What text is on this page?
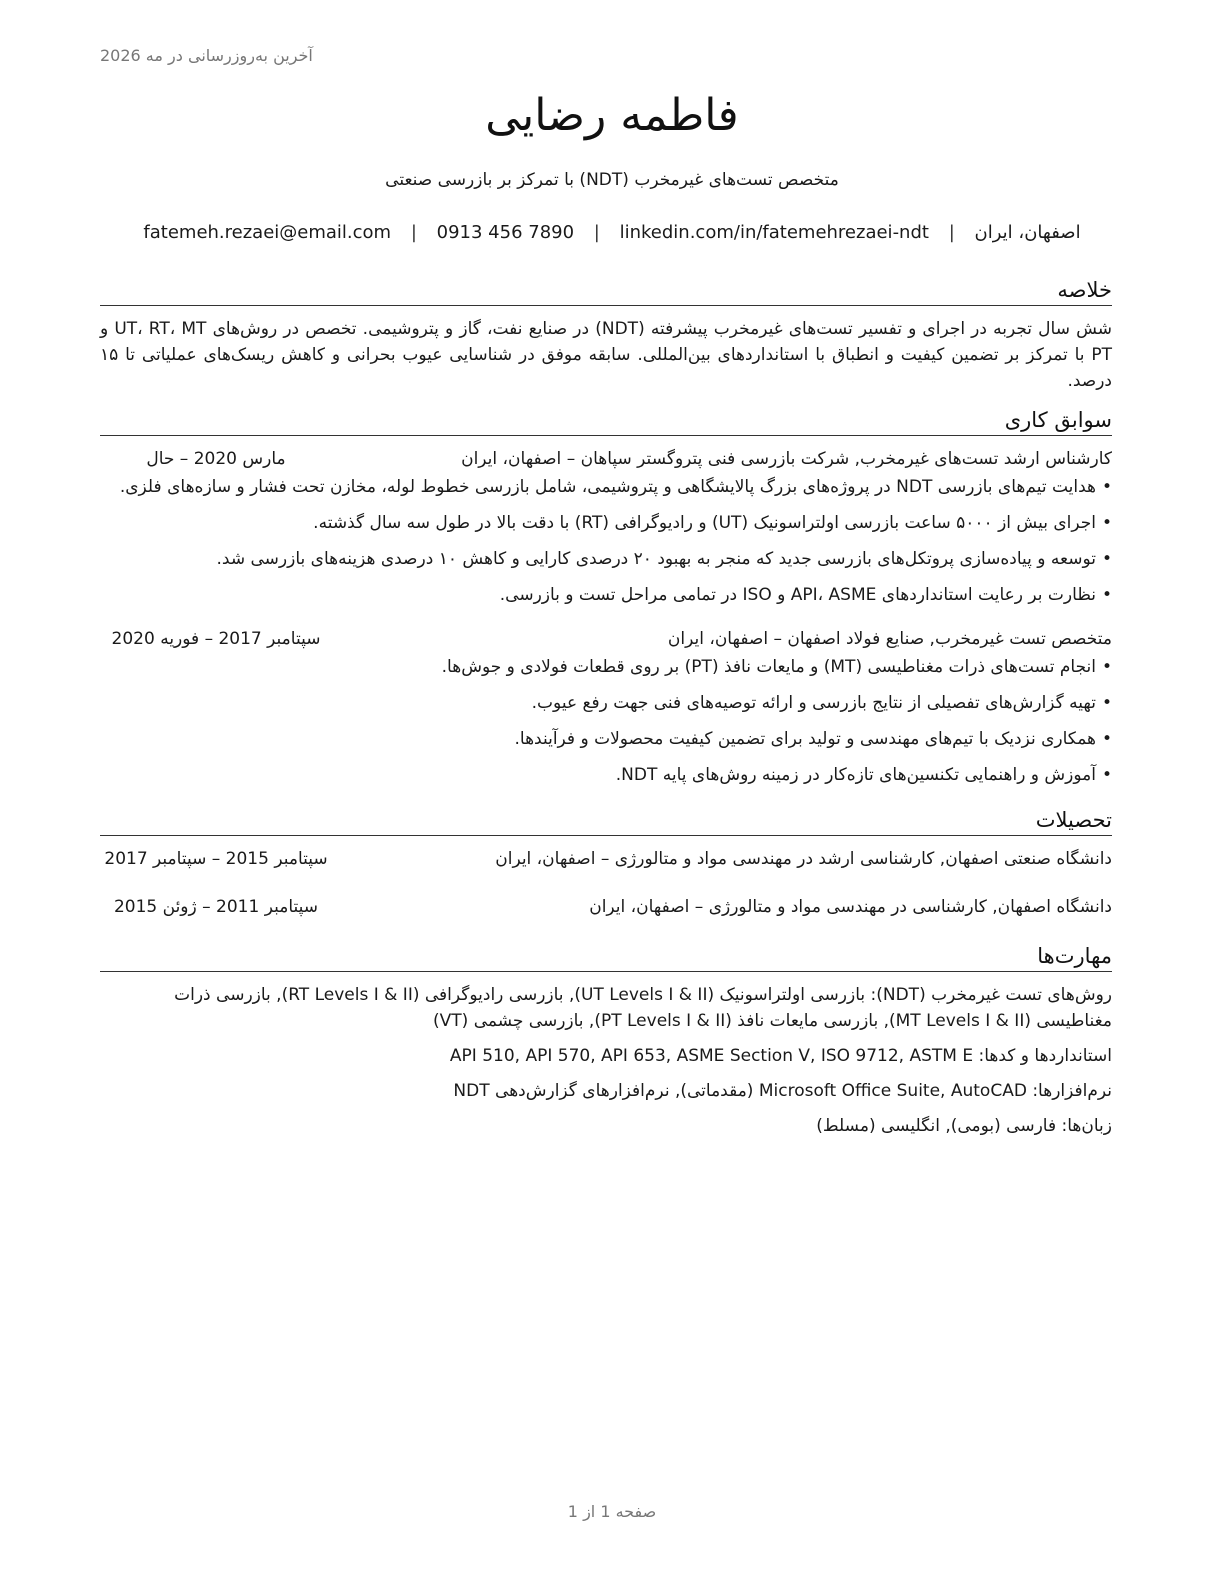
آخرین به‌روزرسانی در مه 2026
فاطمه رضایی
متخصص تست‌های غیرمخرب (NDT) با تمرکز بر بازرسی صنعتی
اصفهان، ایران | fatemeh.rezaei@email.com | 0913 456 7890 | linkedin.com/in/fatemehrezaei-ndt
خلاصه
شش سال تجربه در اجرای و تفسیر تست‌های غیرمخرب پیشرفته (NDT) در صنایع نفت، گاز و پتروشیمی. تخصص در روش‌های UT، RT، MT و PT با تمرکز بر تضمین کیفیت و انطباق با استانداردهای بین‌المللی. سابقه موفق در شناسایی عیوب بحرانی و کاهش ریسک‌های عملیاتی تا ۱۵ درصد.
سوابق کاری
کارشناس ارشد تست‌های غیرمخرب, شرکت بازرسی فنی پتروگستر سپاهان – اصفهان، ایران
مارس 2020 – حال
•
هدایت تیم‌های بازرسی NDT در پروژه‌های بزرگ پالایشگاهی و پتروشیمی، شامل بازرسی خطوط لوله، مخازن تحت فشار و سازه‌های فلزی.
•
اجرای بیش از ۵۰۰۰ ساعت بازرسی اولتراسونیک (UT) و رادیوگرافی (RT) با دقت بالا در طول سه سال گذشته.
•
توسعه و پیاده‌سازی پروتکل‌های بازرسی جدید که منجر به بهبود ۲۰ درصدی کارایی و کاهش ۱۰ درصدی هزینه‌های بازرسی شد.
•
نظارت بر رعایت استانداردهای API، ASME و ISO در تمامی مراحل تست و بازرسی.
متخصص تست غیرمخرب, صنایع فولاد اصفهان – اصفهان، ایران
سپتامبر 2017 – فوریه 2020
•
انجام تست‌های ذرات مغناطیسی (MT) و مایعات نافذ (PT) بر روی قطعات فولادی و جوش‌ها.
•
تهیه گزارش‌های تفصیلی از نتایج بازرسی و ارائه توصیه‌های فنی جهت رفع عیوب.
•
همکاری نزدیک با تیم‌های مهندسی و تولید برای تضمین کیفیت محصولات و فرآیندها.
•
آموزش و راهنمایی تکنسین‌های تازه‌کار در زمینه روش‌های پایه NDT.
تحصیلات
دانشگاه صنعتی اصفهان, کارشناسی ارشد در مهندسی مواد و متالورژی – اصفهان، ایران
سپتامبر 2015 – سپتامبر 2017
دانشگاه اصفهان, کارشناسی در مهندسی مواد و متالورژی – اصفهان، ایران
سپتامبر 2011 – ژوئن 2015
مهارت‌ها
روش‌های تست غیرمخرب (NDT): بازرسی اولتراسونیک (UT Levels I & II), بازرسی رادیوگرافی (RT Levels I & II), بازرسی ذرات مغناطیسی (MT Levels I & II), بازرسی مایعات نافذ (PT Levels I & II), بازرسی چشمی (VT)
استانداردها و کدها: API 510, API 570, API 653, ASME Section V, ISO 9712, ASTM E
نرم‌افزارها: Microsoft Office Suite, AutoCAD (مقدماتی), نرم‌افزارهای گزارش‌دهی NDT
زبان‌ها: فارسی (بومی), انگلیسی (مسلط)
صفحه 1 از 1
